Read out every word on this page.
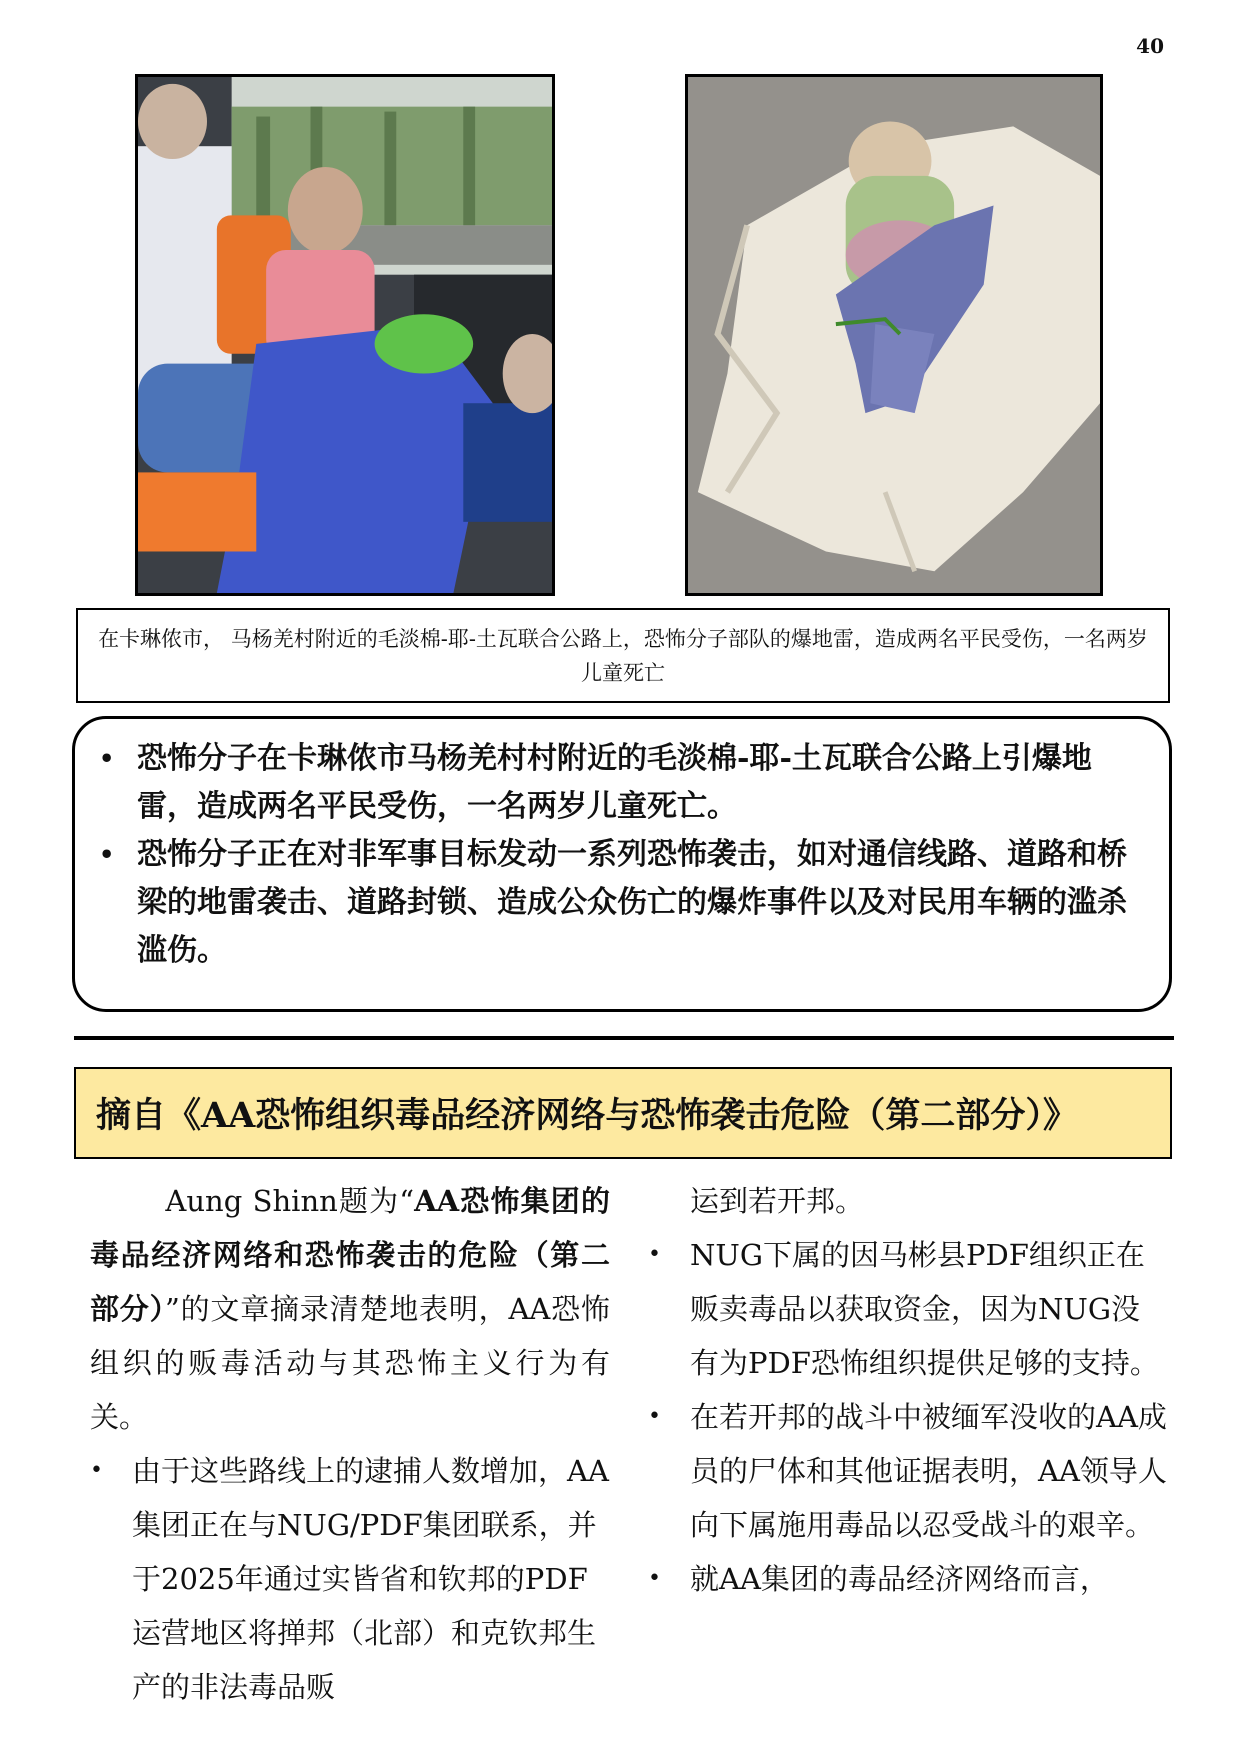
40
在卡琳侬市， 马杨羌村附近的毛淡棉-耶-土瓦联合公路上，恐怖分子部队的爆地雷，造成两名平民受伤，一名两岁儿童死亡
• 恐怖分子在卡琳侬市马杨羌村村附近的毛淡棉-耶-土瓦联合公路上引爆地雷，造成两名平民受伤，一名两岁儿童死亡。
• 恐怖分子正在对非军事目标发动一系列恐怖袭击，如对通信线路、道路和桥梁的地雷袭击、道路封锁、造成公众伤亡的爆炸事件以及对民用车辆的滥杀滥伤。
摘自《AA恐怖组织毒品经济网络与恐怖袭击危险（第二部分）》

Aung Shinn题为“AA恐怖集团的毒品经济网络和恐怖袭击的危险（第二部分）”的文章摘录清楚地表明，AA恐怖组织的贩毒活动与其恐怖主义行为有关。

• 由于这些路线上的逮捕人数增加，AA集团正在与NUG/PDF集团联系，并于2025年通过实皆省和钦邦的PDF运营地区将掸邦（北部）和克钦邦生产的非法毒品贩

运到若开邦。

• NUG下属的因马彬县PDF组织正在贩卖毒品以获取资金，因为NUG没有为PDF恐怖组织提供足够的支持。
• 在若开邦的战斗中被缅军没收的AA成员的尸体和其他证据表明，AA领导人向下属施用毒品以忍受战斗的艰辛。
• 就AA集团的毒品经济网络而言，
